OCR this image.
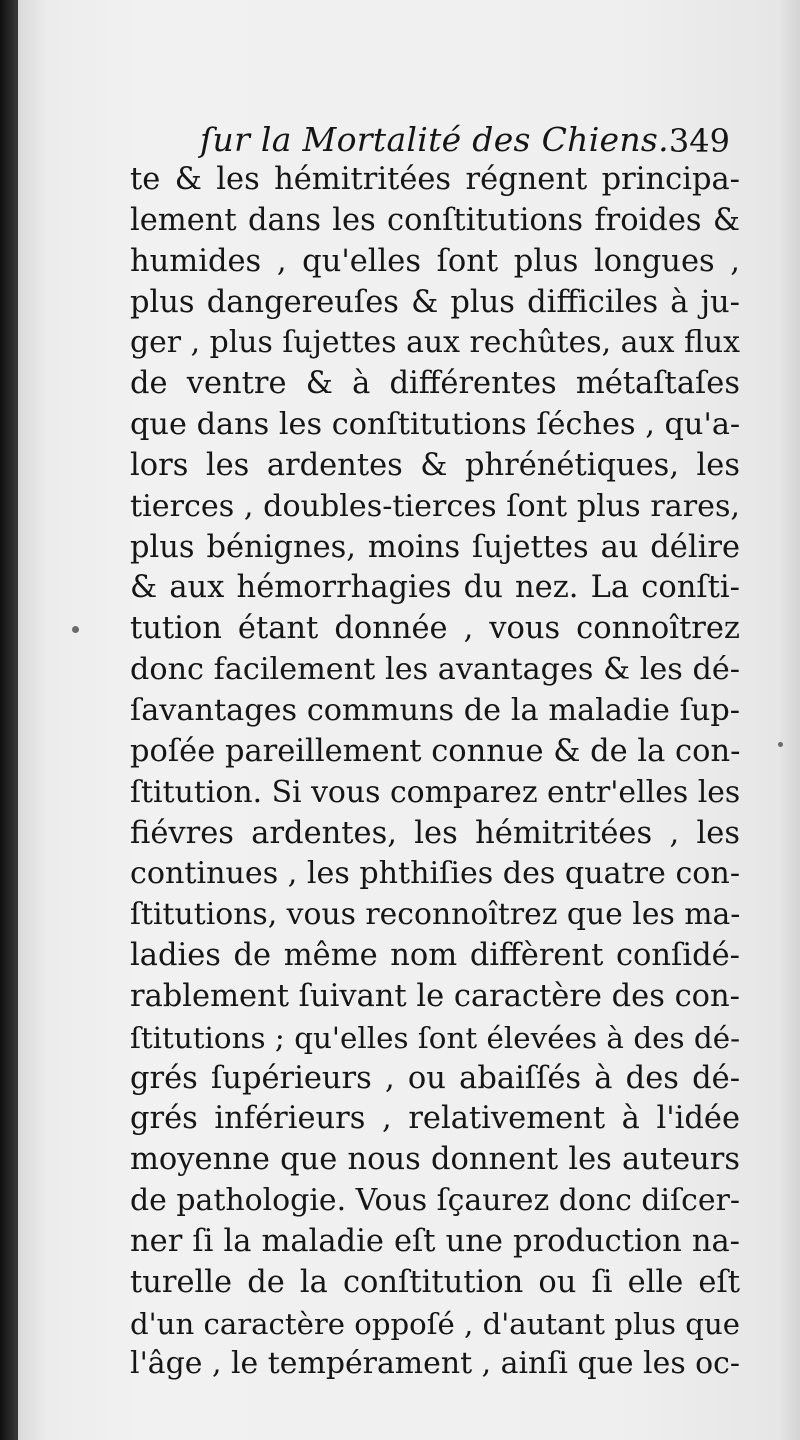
ſur la Mortalité des Chiens. 349
te & les hémitritées régnent principa-
lement dans les conſtitutions froides &
humides , qu'elles ſont plus longues ,
plus dangereuſes & plus difficiles à ju-
ger , plus ſujettes aux rechûtes, aux flux
de ventre & à différentes métaſtaſes
que dans les conſtitutions ſéches , qu'a-
lors les ardentes & phrénétiques, les
tierces , doubles-tierces ſont plus rares,
plus bénignes, moins ſujettes au délire
& aux hémorrhagies du nez. La conſti-
tution étant donnée , vous connoîtrez
donc facilement les avantages & les dé-
ſavantages communs de la maladie ſup-
poſée pareillement connue & de la con-
ſtitution. Si vous comparez entr'elles les
fiévres ardentes, les hémitritées , les
continues , les phthiſies des quatre con-
ſtitutions, vous reconnoîtrez que les ma-
ladies de même nom diffèrent conſidé-
rablement ſuivant le caractère des con-
ſtitutions ; qu'elles ſont élevées à des dé-
grés ſupérieurs , ou abaiſſés à des dé-
grés inférieurs , relativement à l'idée
moyenne que nous donnent les auteurs
de pathologie. Vous ſçaurez donc diſcer-
ner ſi la maladie eſt une production na-
turelle de la conſtitution ou ſi elle eſt
d'un caractère oppoſé , d'autant plus que
l'âge , le tempérament , ainſi que les oc-
